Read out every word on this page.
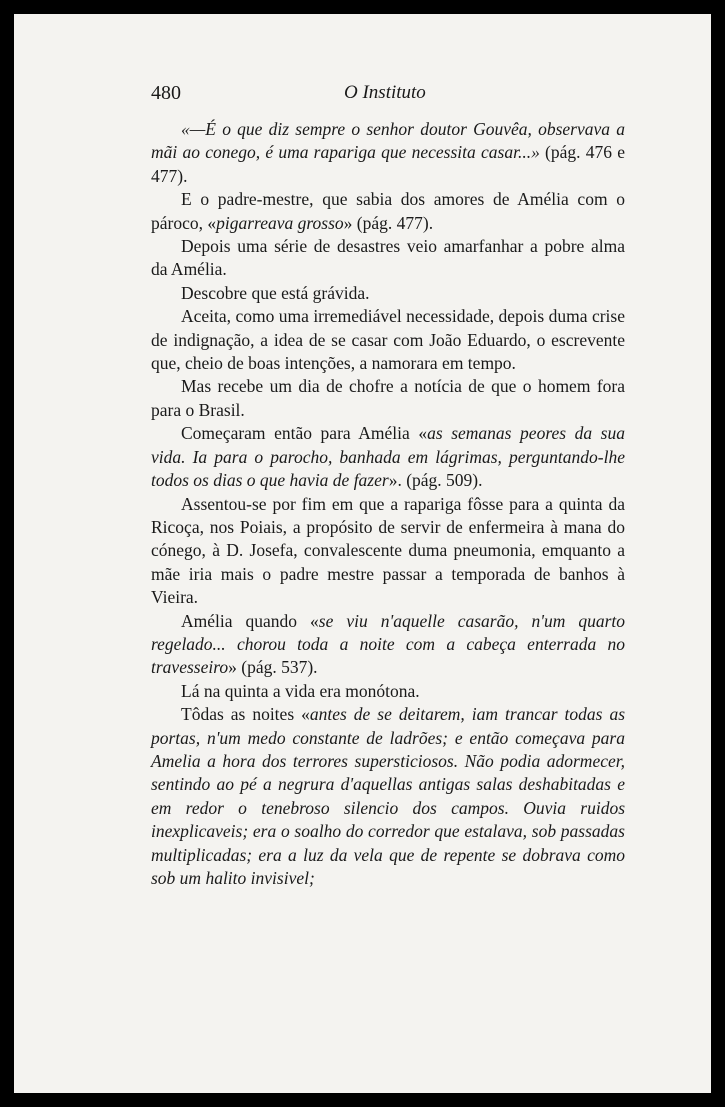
480	O Instituto

«—É o que diz sempre o senhor doutor Gouvêa, observava a mãi ao conego, é uma rapariga que necessita casar...» (pág. 476 e 477).

E o padre-mestre, que sabia dos amores de Amélia com o pároco, «pigarreava grosso» (pág. 477).

Depois uma série de desastres veio amarfanhar a pobre alma da Amélia.

Descobre que está grávida.

Aceita, como uma irremediável necessidade, depois duma crise de indignação, a idea de se casar com João Eduardo, o escrevente que, cheio de boas intenções, a namorara em tempo.

Mas recebe um dia de chofre a notícia de que o homem fora para o Brasil.

Começaram então para Amélia «as semanas peores da sua vida. Ia para o parocho, banhada em lágrimas, perguntando-lhe todos os dias o que havia de fazer». (pág. 509).

Assentou-se por fim em que a rapariga fôsse para a quinta da Ricoça, nos Poiais, a propósito de servir de enfermeira à mana do cónego, à D. Josefa, convalescente duma pneumonia, emquanto a mãe iria mais o padre mestre passar a temporada de banhos à Vieira.

Amélia quando «se viu n'aquelle casarão, n'um quarto regelado... chorou toda a noite com a cabeça enterrada no travesseiro» (pág. 537).

Lá na quinta a vida era monótona.

Tôdas as noites «antes de se deitarem, iam trancar todas as portas, n'um medo constante de ladrões; e então começava para Amelia a hora dos terrores supersticiosos. Não podia adormecer, sentindo ao pé a negrura d'aquellas antigas salas deshabitadas e em redor o tenebroso silencio dos campos. Ouvia ruidos inexplicaveis; era o soalho do corredor que estalava, sob passadas multiplicadas; era a luz da vela que de repente se dobrava como sob um halito invisivel;
